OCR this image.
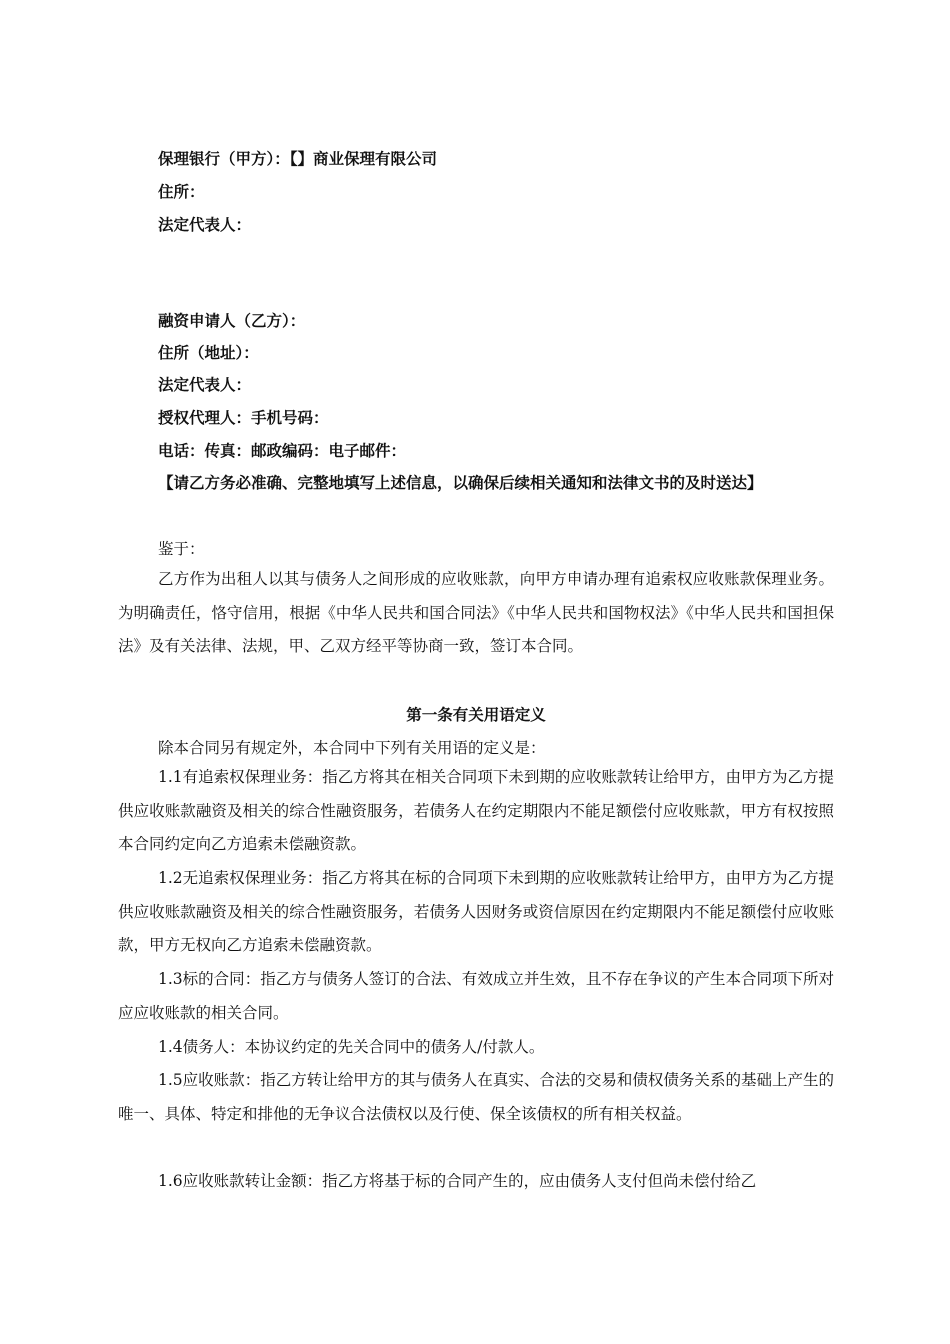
保理银行（甲方）：【】商业保理有限公司
住所：
法定代表人：
融资申请人（乙方）：
住所（地址）：
法定代表人：
授权代理人：手机号码：
电话：传真：邮政编码：电子邮件：
【请乙方务必准确、完整地填写上述信息，以确保后续相关通知和法律文书的及时送达】
鉴于：

乙方作为出租人以其与债务人之间形成的应收账款，向甲方申请办理有追索权应收账款保理业务。为明确责任，恪守信用，根据《中华人民共和国合同法》《中华人民共和国物权法》《中华人民共和国担保法》及有关法律、法规，甲、乙双方经平等协商一致，签订本合同。

第一条有关用语定义
除本合同另有规定外，本合同中下列有关用语的定义是：

1.1有追索权保理业务：指乙方将其在相关合同项下未到期的应收账款转让给甲方，由甲方为乙方提供应收账款融资及相关的综合性融资服务，若债务人在约定期限内不能足额偿付应收账款，甲方有权按照本合同约定向乙方追索未偿融资款。

1.2无追索权保理业务：指乙方将其在标的合同项下未到期的应收账款转让给甲方，由甲方为乙方提供应收账款融资及相关的综合性融资服务，若债务人因财务或资信原因在约定期限内不能足额偿付应收账款，甲方无权向乙方追索未偿融资款。

1.3标的合同：指乙方与债务人签订的合法、有效成立并生效，且不存在争议的产生本合同项下所对应应收账款的相关合同。

1.4债务人：本协议约定的先关合同中的债务人/付款人。

1.5应收账款：指乙方转让给甲方的其与债务人在真实、合法的交易和债权债务关系的基础上产生的唯一、具体、特定和排他的无争议合法债权以及行使、保全该债权的所有相关权益。

1.6应收账款转让金额：指乙方将基于标的合同产生的，应由债务人支付但尚未偿付给乙
